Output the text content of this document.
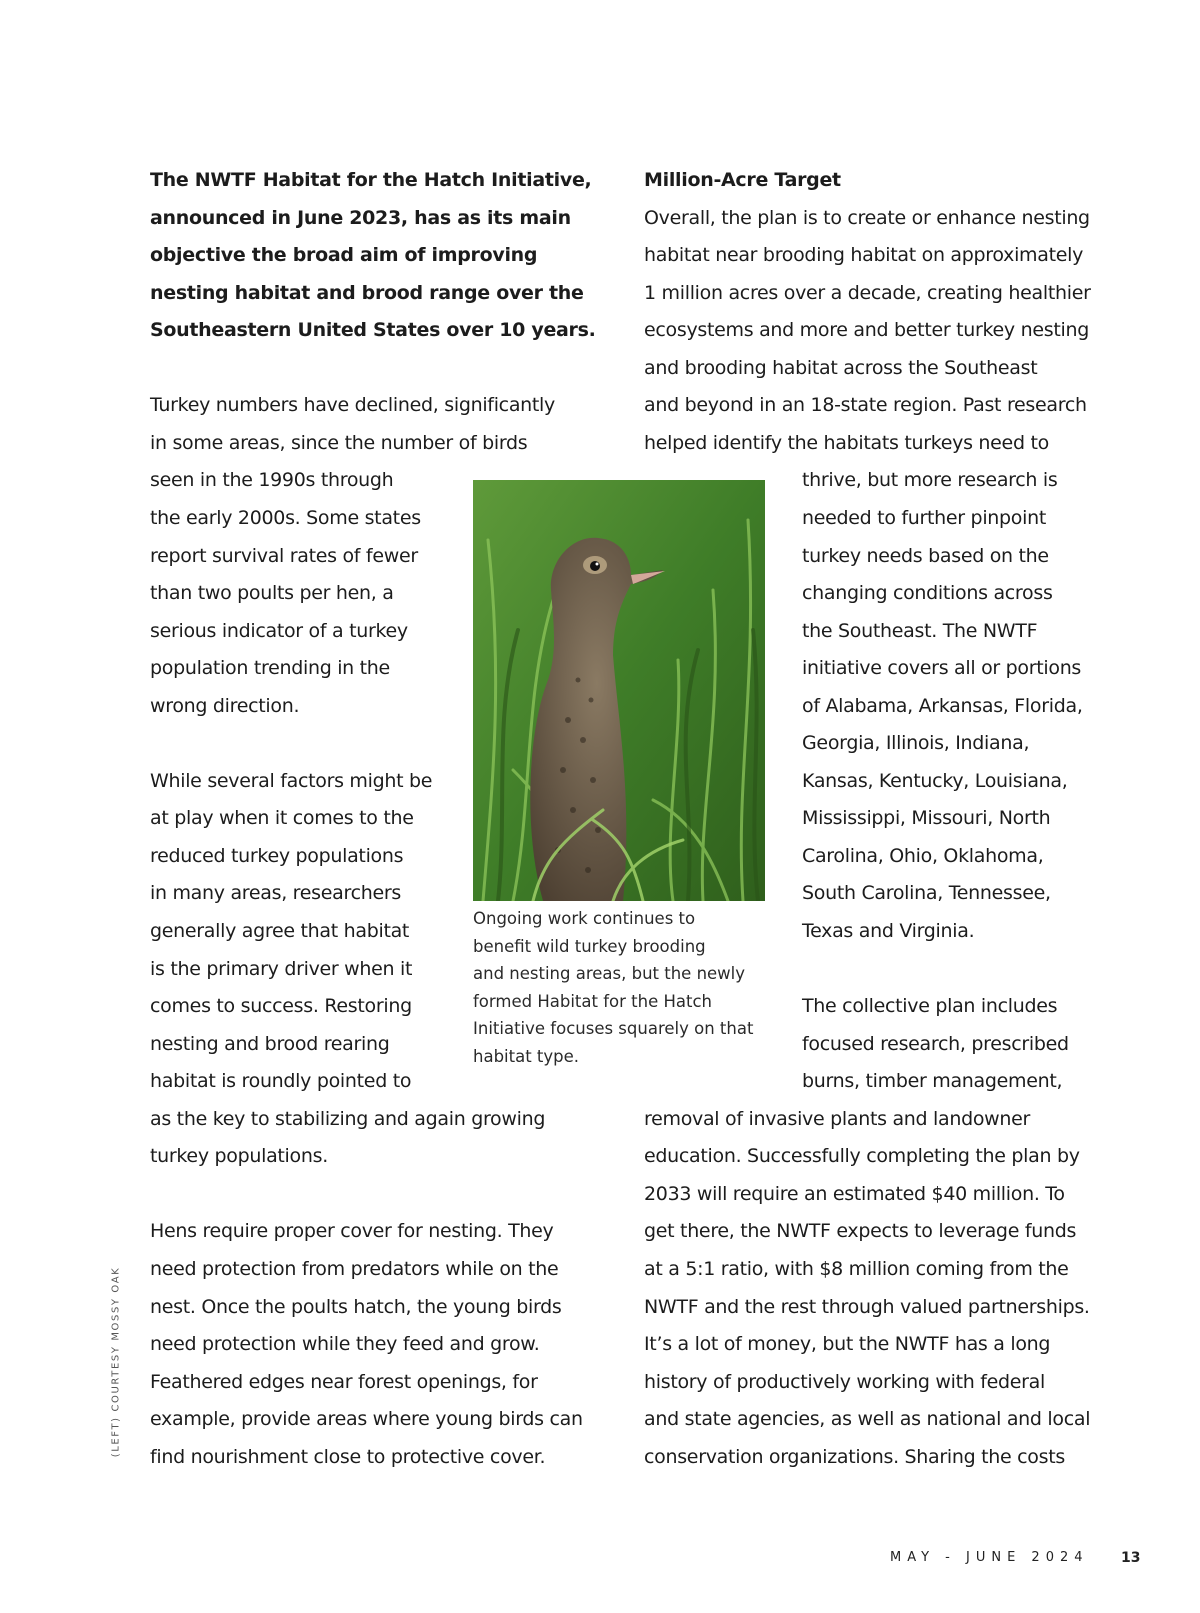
The NWTF Habitat for the Hatch Initiative,
announced in June 2023, has as its main
objective the broad aim of improving
nesting habitat and brood range over the
Southeastern United States over 10 years.
Turkey numbers have declined, significantly
in some areas, since the number of birds
seen in the 1990s through
the early 2000s. Some states
report survival rates of fewer
than two poults per hen, a
serious indicator of a turkey
population trending in the
wrong direction.
While several factors might be
at play when it comes to the
reduced turkey populations
in many areas, researchers
generally agree that habitat
is the primary driver when it
comes to success. Restoring
nesting and brood rearing
habitat is roundly pointed to
as the key to stabilizing and again growing
turkey populations.
Hens require proper cover for nesting. They
need protection from predators while on the
nest. Once the poults hatch, the young birds
need protection while they feed and grow.
Feathered edges near forest openings, for
example, provide areas where young birds can
find nourishment close to protective cover.
Million-Acre Target
Overall, the plan is to create or enhance nesting
habitat near brooding habitat on approximately
1 million acres over a decade, creating healthier
ecosystems and more and better turkey nesting
and brooding habitat across the Southeast
and beyond in an 18-state region. Past research
helped identify the habitats turkeys need to
thrive, but more research is
needed to further pinpoint
turkey needs based on the
changing conditions across
the Southeast. The NWTF
initiative covers all or portions
of Alabama, Arkansas, Florida,
Georgia, Illinois, Indiana,
Kansas, Kentucky, Louisiana,
Mississippi, Missouri, North
Carolina, Ohio, Oklahoma,
South Carolina, Tennessee,
Texas and Virginia.
The collective plan includes
focused research, prescribed
burns, timber management,
removal of invasive plants and landowner
education. Successfully completing the plan by
2033 will require an estimated $40 million. To
get there, the NWTF expects to leverage funds
at a 5:1 ratio, with $8 million coming from the
NWTF and the rest through valued partnerships.
It’s a lot of money, but the NWTF has a long
history of productively working with federal
and state agencies, as well as national and local
conservation organizations. Sharing the costs
Ongoing work continues to
benefit wild turkey brooding
and nesting areas, but the newly
formed Habitat for the Hatch
Initiative focuses squarely on that
habitat type.
(LEFT) COURTESY MOSSY OAK
MAY - JUNE 2024 13
